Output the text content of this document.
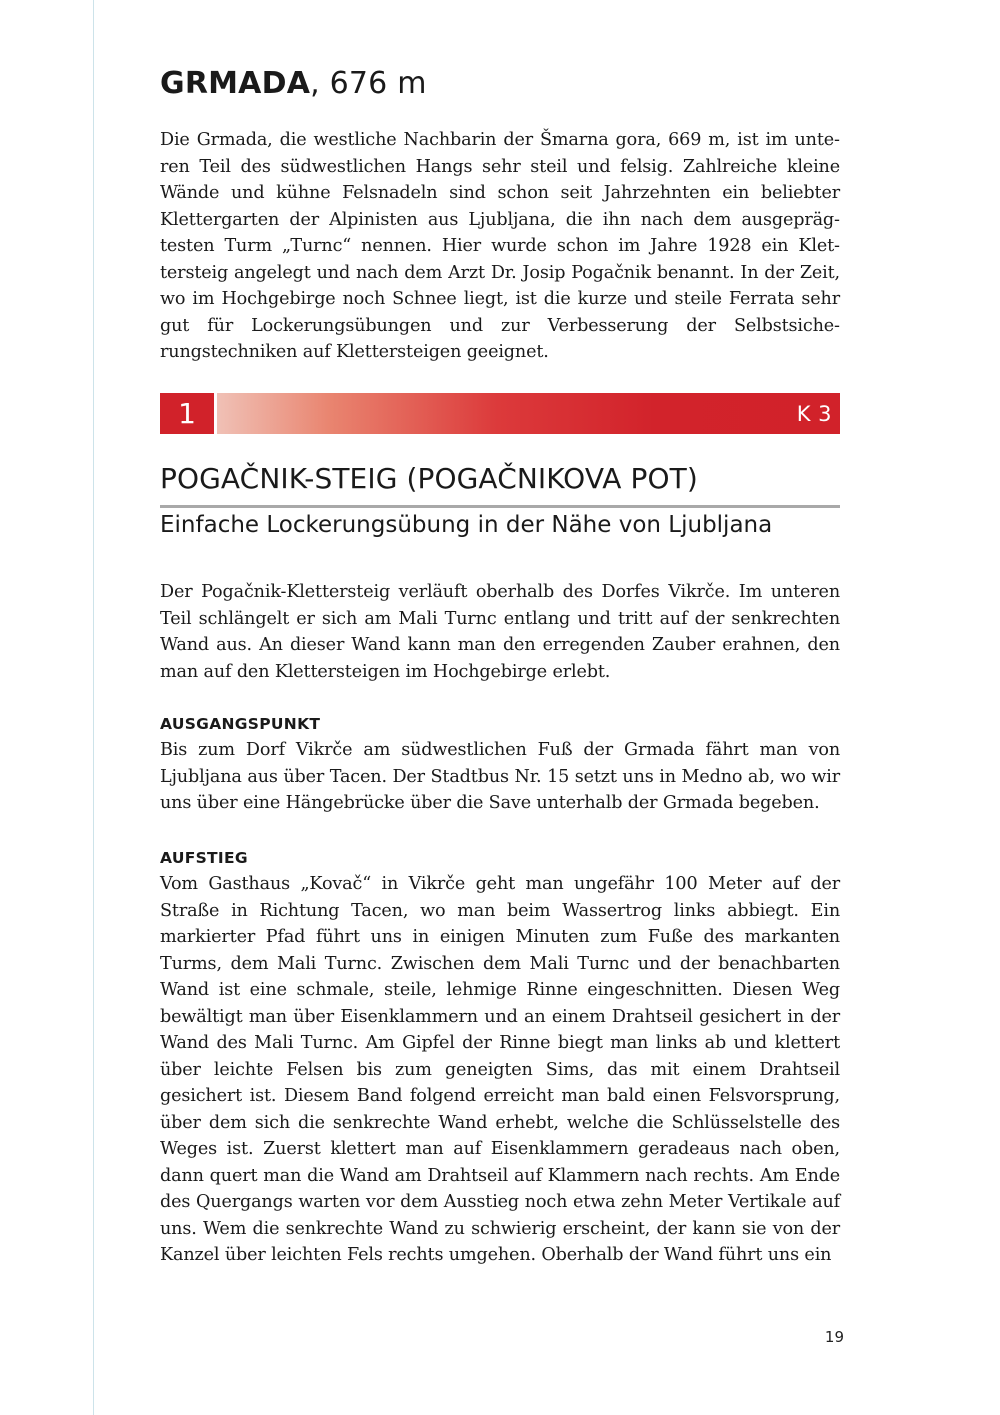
GRMADA, 676 m

Die Grmada, die westliche Nachbarin der Šmarna gora, 669 m, ist im unteren Teil des südwestlichen Hangs sehr steil und felsig. Zahlreiche kleine Wände und kühne Felsnadeln sind schon seit Jahrzehnten ein beliebter Klettergarten der Alpinisten aus Ljubljana, die ihn nach dem ausgeprägtesten Turm „Turnc“ nennen. Hier wurde schon im Jahre 1928 ein Klettersteig angelegt und nach dem Arzt Dr. Josip Pogačnik benannt. In der Zeit, wo im Hochgebirge noch Schnee liegt, ist die kurze und steile Ferrata sehr gut für Lockerungsübungen und zur Verbesserung der Selbstsicherungstechniken auf Klettersteigen geeignet.

1	K 3
POGAČNIK-STEIG (POGAČNIKOVA POT)
Einfache Lockerungsübung in der Nähe von Ljubljana

Der Pogačnik-Klettersteig verläuft oberhalb des Dorfes Vikrče. Im unteren Teil schlängelt er sich am Mali Turnc entlang und tritt auf der senkrechten Wand aus. An dieser Wand kann man den erregenden Zauber erahnen, den man auf den Klettersteigen im Hochgebirge erlebt.

AUSGANGSPUNKT

Bis zum Dorf Vikrče am südwestlichen Fuß der Grmada fährt man von Ljubljana aus über Tacen. Der Stadtbus Nr. 15 setzt uns in Medno ab, wo wir uns über eine Hängebrücke über die Save unterhalb der Grmada begeben.

AUFSTIEG

Vom Gasthaus „Kovač“ in Vikrče geht man ungefähr 100 Meter auf der Straße in Richtung Tacen, wo man beim Wassertrog links abbiegt. Ein markierter Pfad führt uns in einigen Minuten zum Fuße des markanten Turms, dem Mali Turnc. Zwischen dem Mali Turnc und der benachbarten Wand ist eine schmale, steile, lehmige Rinne eingeschnitten. Diesen Weg bewältigt man über Eisenklammern und an einem Drahtseil gesichert in der Wand des Mali Turnc. Am Gipfel der Rinne biegt man links ab und klettert über leichte Felsen bis zum geneigten Sims, das mit einem Drahtseil gesichert ist. Diesem Band folgend erreicht man bald einen Felsvorsprung, über dem sich die senkrechte Wand erhebt, welche die Schlüsselstelle des Weges ist. Zuerst klettert man auf Eisenklammern geradeaus nach oben, dann quert man die Wand am Drahtseil auf Klammern nach rechts. Am Ende des Quergangs warten vor dem Ausstieg noch etwa zehn Meter Vertikale auf uns. Wem die senkrechte Wand zu schwierig erscheint, der kann sie von der Kanzel über leichten Fels rechts umgehen. Oberhalb der Wand führt uns ein

19
